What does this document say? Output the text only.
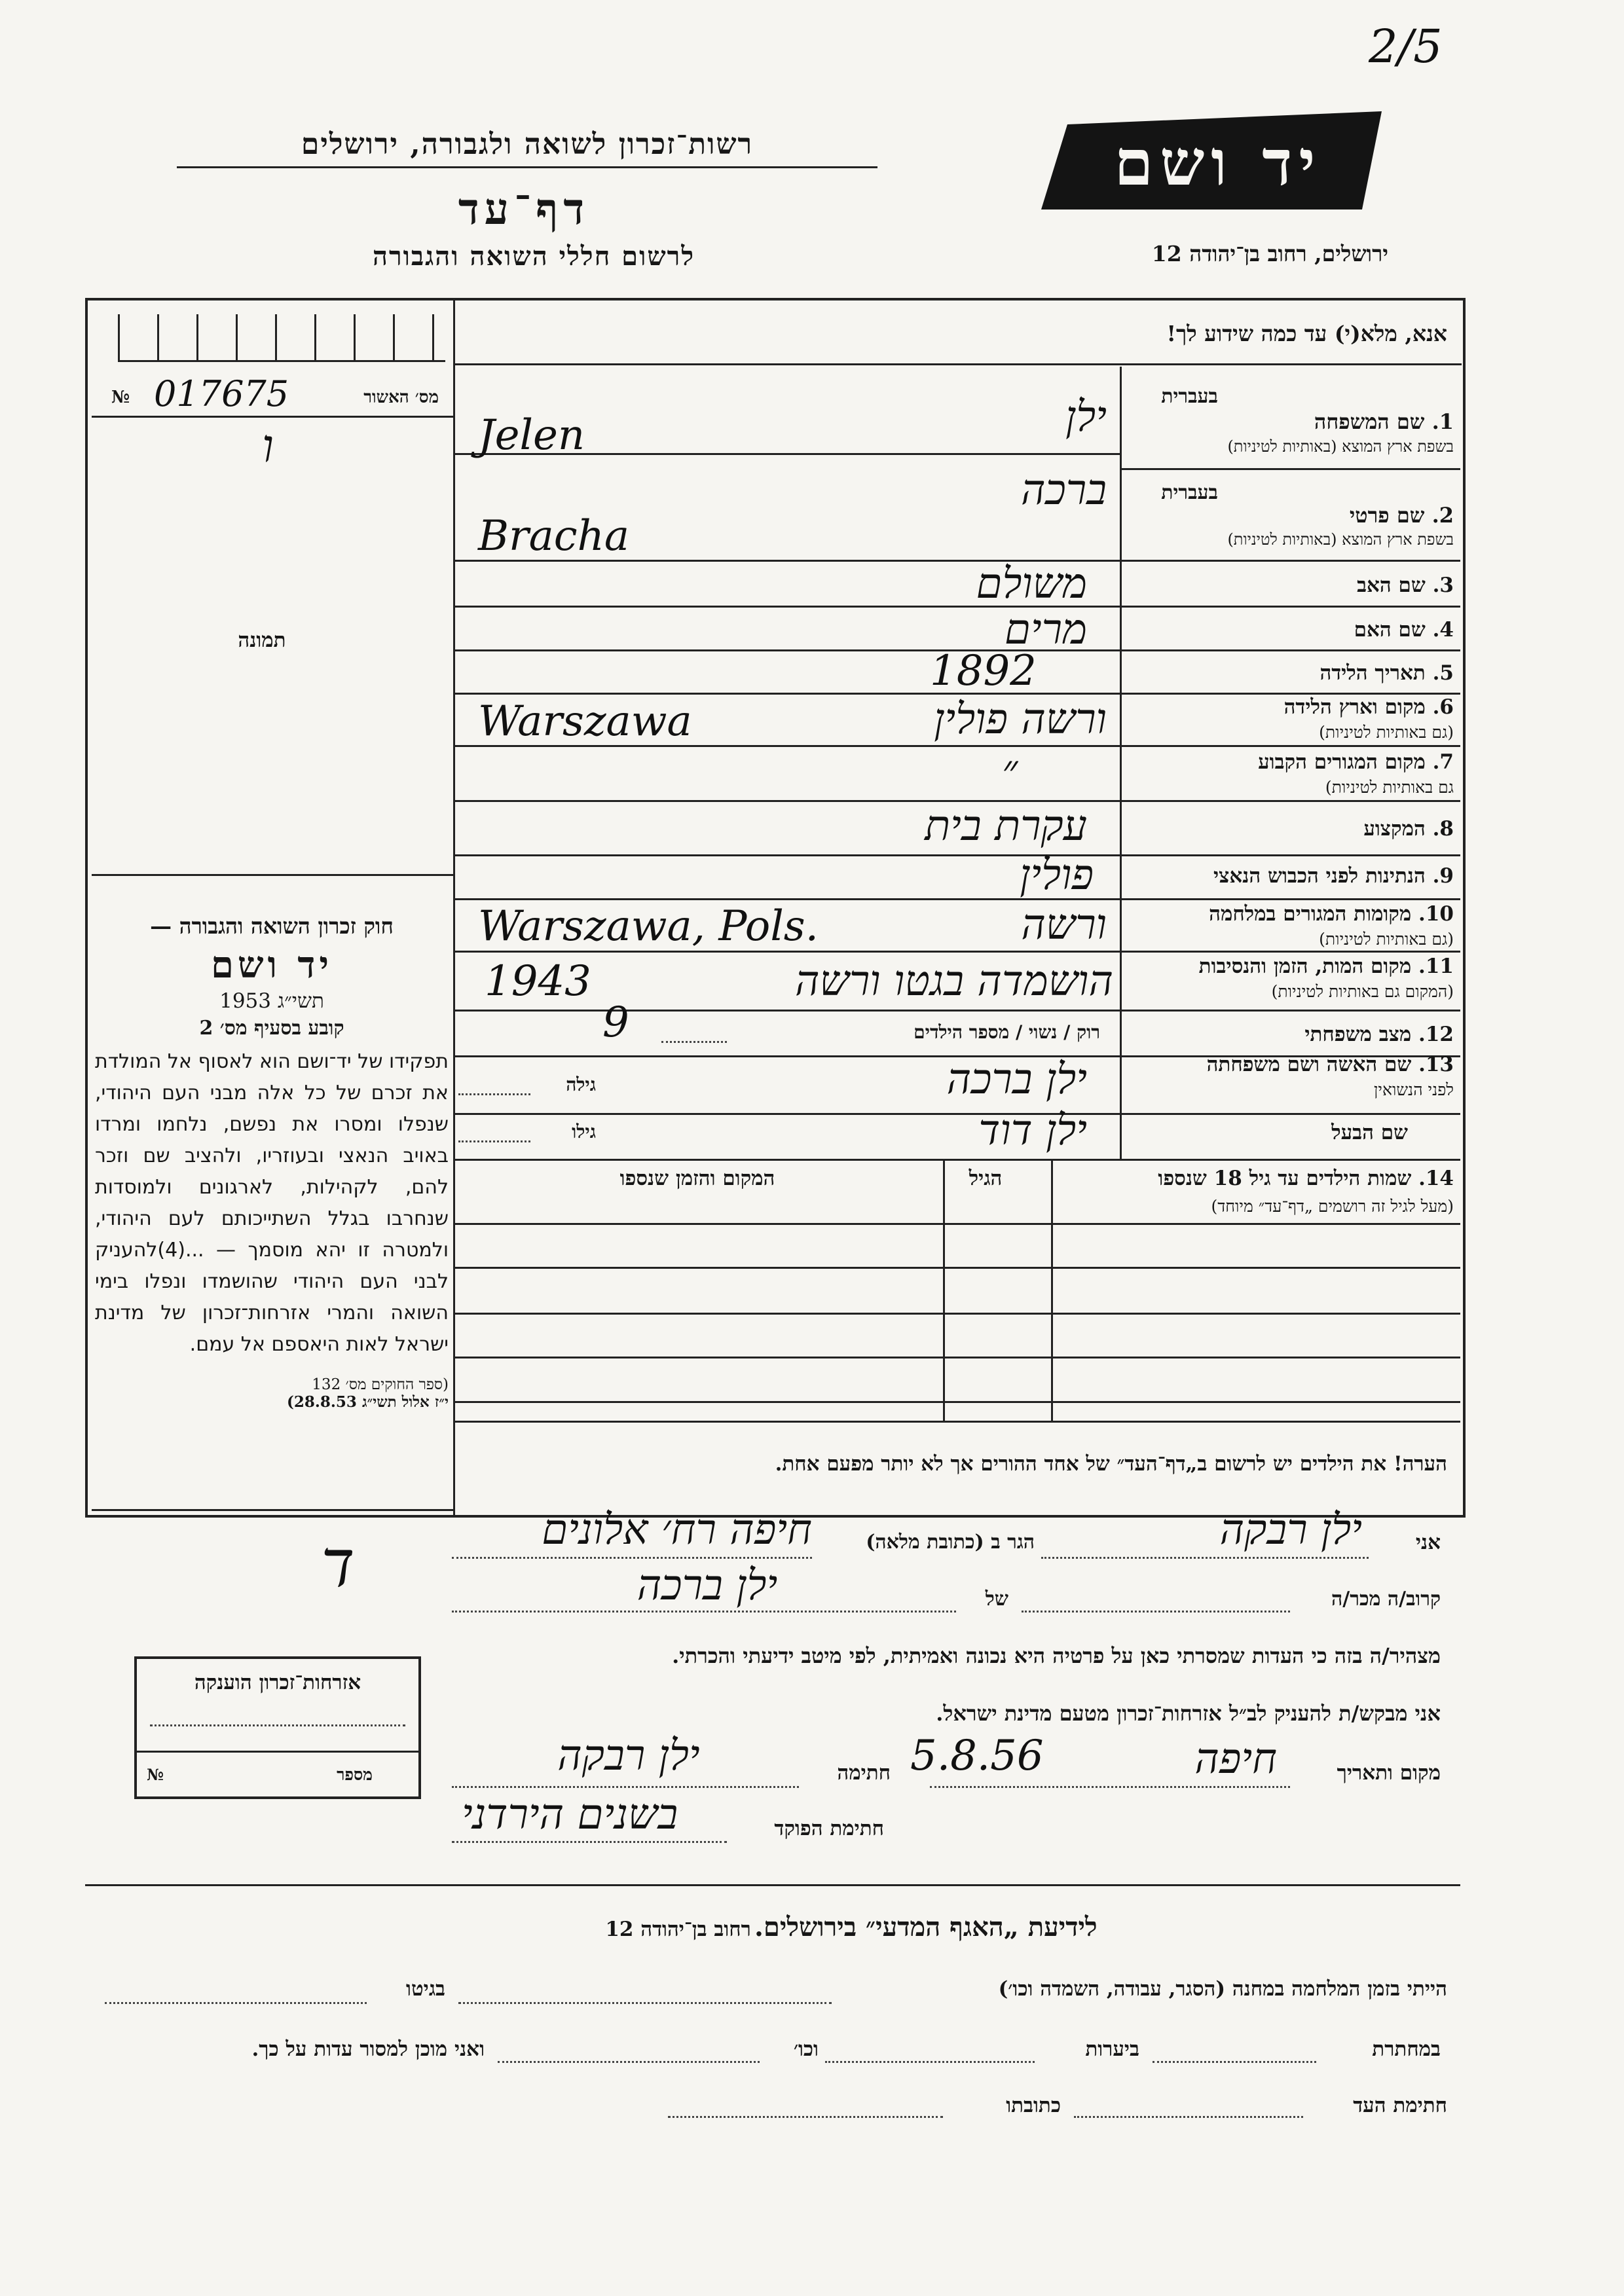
2/5
יד ושם
רשות־זכרון לשואה ולגבורה, ירושלים
דף־עד
לרשום חללי השואה והגבורה	ירושלים, רחוב בן־יהודה 12
אנא, מלא(י) עד כמה שידוע לך!
מס׳ האשור
№ 017675
ו
תמונה

חוק זכרון השואה והגבורה —

יד ושם

תשי״ג 1953

קובע בסעיף מס׳ 2

תפקידו של יד־ושם הוא לאסוף אל המולדת את זכרם של כל אלה מבני העם היהודי, שנפלו ומסרו את נפשם, נלחמו ומרדו באויב הנאצי ובעוזריו, ולהציב שם וזכר להם, לקהילות, לארגונים ולמוסדות שנחרבו בגלל השתייכותם לעם היהודי, ולמטרה זו יהא מוסמך — ...(4)להעניק לבני העם היהודי שהושמדו ונפלו בימי השואה והמרי אזרחות־זכרון של מדינת ישראל לאות היאספם אל עמם.

(ספר החוקים מס׳ 132

י״ז אלול תשי״ג 28.8.53)

אזרחות־זכרון הוענקה
מספר
№
בעברית
1. שם המשפחה
בשפת ארץ המוצא (באותיות לטיניות)
ילן
Jelen
בעברית
2. שם פרטי
בשפת ארץ המוצא (באותיות לטיניות)
ברכה
Bracha
3. שם האב
משולם
4. שם האם
מרים
5. תאריך הלידה
1892
6. מקום וארץ הלידה
(גם באותיות לטיניות)
ורשה פולין
Warszawa
7. מקום המגורים הקבוע
גם באותיות לטיניות)
״
8. המקצוע
עקרת בית
9. הנתינות לפני הכבוש הנאצי
פולין
10. מקומות המגורים במלחמה
(גם באותיות לטיניות)
ורשה
Warszawa, Pols.
11. מקום המות, הזמן והנסיבות
(המקום גם באותיות לטיניות)
1943	הושמדה בגטו ורשה
12. מצב משפחתי
רוק / נשוי / מספר הילדים
9
13. שם האשה ושם משפחתה
לפני הנשואין
גילה	ילן ברכה
שם הבעל
גילו	ילן דוד
14. שמות הילדים עד גיל 18 שנספו
(מעל לגיל זה רושמים „דף־עד״ מיוחד)
הגיל
המקום והזמן שנספו
הערה! את הילדים יש לרשום ב„דף־העד״ של אחד ההורים אך לא יותר מפעם אחת.
אני
ילן רבקה
הגר ב (כתובת מלאה)
חיפה רח׳ אלונים
ד	קרוב/ה מכר/ה
של
ילן ברכה
מצהיר/ה בזה כי העדות שמסרתי כאן על פרטיה היא נכונה ואמיתית, לפי מיטב ידיעתי והכרתי.
אני מבקש/ת להעניק לב״ל אזרחות־זכרון מטעם מדינת ישראל.
מקום ותאריך
חיפה
5.8.56
חתימה
ילן רבקה
חתימת הפוקד
בשנים הירדני
לידיעת „האגף המדעי״ בירושלים. רחוב בן־יהודה 12
הייתי בזמן המלחמה במחנה (הסגר, עבודה, השמדה וכו׳)
בגיטו
במחתרת
ביערות
וכו׳
ואני מוכן למסור עדות על כך.
חתימת העד
כתובתו
